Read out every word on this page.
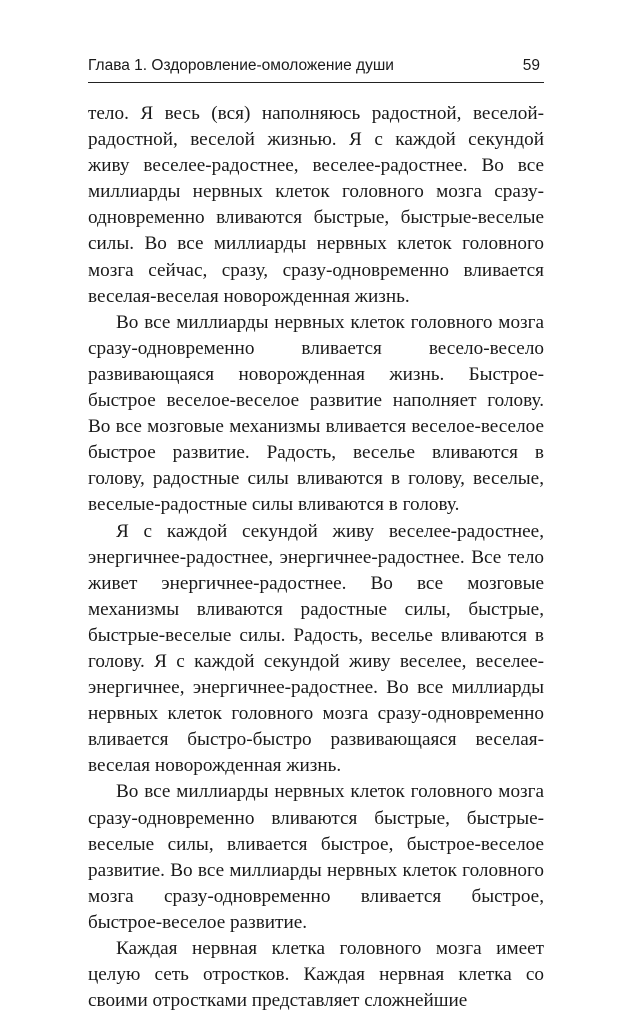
Глава 1. Оздоровление-омоложение души	59

тело. Я весь (вся) наполняюсь радостной, веселой-радостной, веселой жизнью. Я с каждой секундой живу веселее-радостнее, веселее-радостнее. Во все миллиарды нервных клеток головного мозга сразу-одновременно вливаются быстрые, быстрые-веселые силы. Во все миллиарды нервных клеток головного мозга сейчас, сразу, сразу-одновременно вливается веселая-веселая новорожденная жизнь.

Во все миллиарды нервных клеток головного мозга сразу-одновременно вливается весело-весело развивающаяся новорожденная жизнь. Быстрое-быстрое веселое-веселое развитие наполняет голову. Во все мозговые механизмы вливается веселое-веселое быстрое развитие. Радость, веселье вливаются в голову, радостные силы вливаются в голову, веселые, веселые-радостные силы вливаются в голову.

Я с каждой секундой живу веселее-радостнее, энергичнее-радостнее, энергичнее-радостнее. Все тело живет энергичнее-радостнее. Во все мозговые механизмы вливаются радостные силы, быстрые, быстрые-веселые силы. Радость, веселье вливаются в голову. Я с каждой секундой живу веселее, веселее-энергичнее, энергичнее-радостнее. Во все миллиарды нервных клеток головного мозга сразу-одновременно вливается быстро-быстро развивающаяся веселая-веселая новорожденная жизнь.

Во все миллиарды нервных клеток головного мозга сразу-одновременно вливаются быстрые, быстрые-веселые силы, вливается быстрое, быстрое-веселое развитие. Во все миллиарды нервных клеток головного мозга сразу-одновременно вливается быстрое, быстрое-веселое развитие.

Каждая нервная клетка головного мозга имеет целую сеть отростков. Каждая нервная клетка со своими отростками представляет сложнейшие
